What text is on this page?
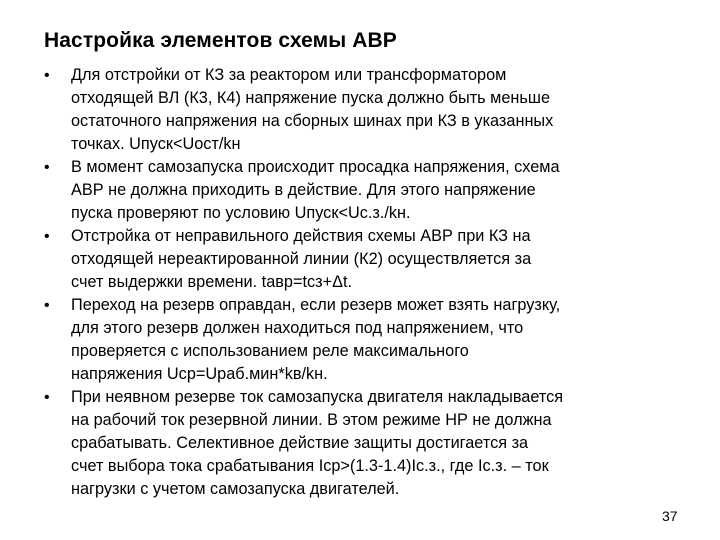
Настройка элементов схемы АВР
• Для отстройки от КЗ за реактором или трансформатором
отходящей ВЛ (К3, К4) напряжение пуска должно быть меньше
остаточного напряжения на сборных шинах при КЗ в указанных
точках. Uпуск<Uост/kн
• В момент самозапуска происходит просадка напряжения, схема
АВР не должна приходить в действие. Для этого напряжение
пуска проверяют по условию Uпуск<Uс.з./kн.
• Отстройка от неправильного действия схемы АВР при КЗ на
отходящей нереактированной линии (К2) осуществляется за
счет выдержки времени. tавр=tсз+Δt.
• Переход на резерв оправдан, если резерв может взять нагрузку,
для этого резерв должен находиться под напряжением, что
проверяется с использованием реле максимального
напряжения Uср=Uраб.мин*kв/kн.
• При неявном резерве ток самозапуска двигателя накладывается
на рабочий ток резервной линии. В этом режиме НР не должна
срабатывать. Селективное действие защиты достигается за
счет выбора тока срабатывания Iср>(1.3-1.4)Iс.з., где Iс.з. – ток
нагрузки с учетом самозапуска двигателей.
37
